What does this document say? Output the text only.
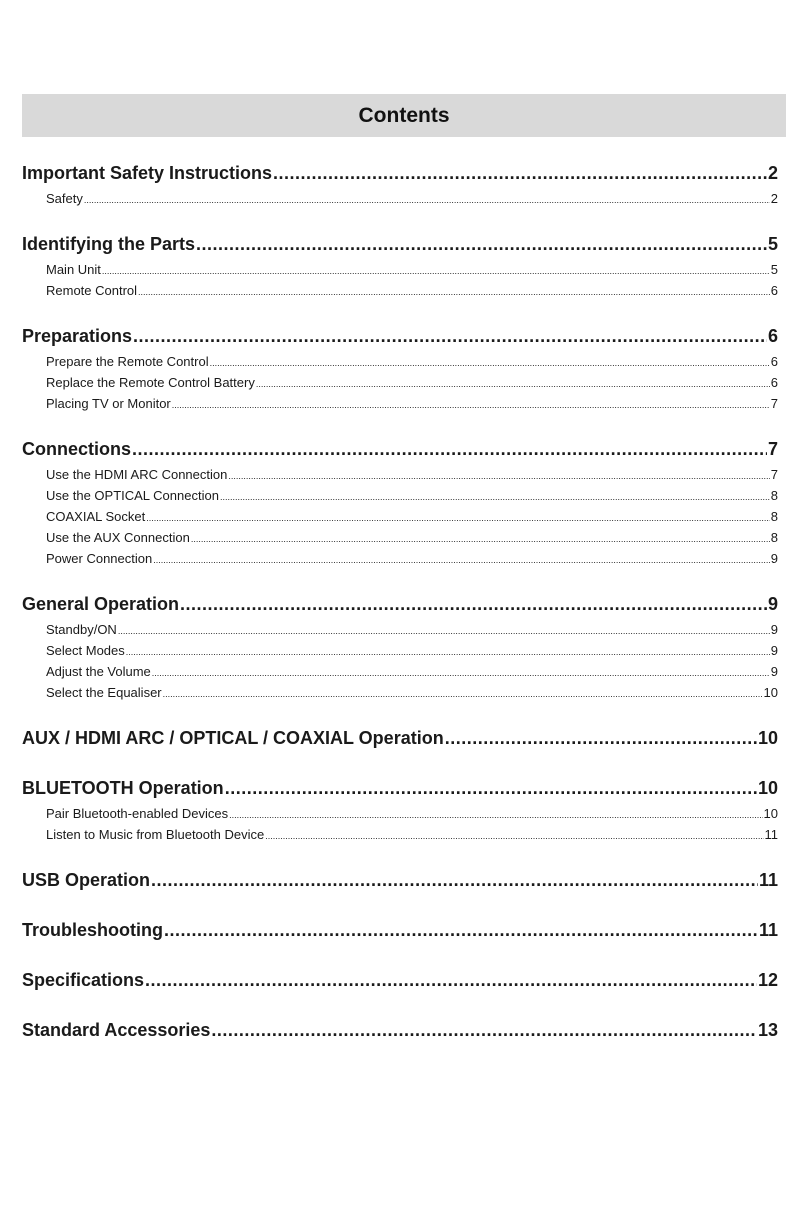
Contents
Important Safety Instructions .....	2
Safety .....	2
Identifying the Parts .....	5
Main Unit .....	5
Remote Control .....	6
Preparations .....	6
Prepare the Remote Control .....	6
Replace the Remote Control Battery .....	6
Placing TV or Monitor .....	7
Connections .....	7
Use the HDMI ARC Connection .....	7
Use the OPTICAL Connection .....	8
COAXIAL Socket .....	8
Use the AUX Connection .....	8
Power Connection .....	9
General Operation .....	9
Standby/ON .....	9
Select Modes .....	9
Adjust the Volume .....	9
Select the Equaliser .....	10
AUX / HDMI ARC / OPTICAL / COAXIAL Operation .....	10
BLUETOOTH Operation .....	10
Pair Bluetooth-enabled Devices .....	10
Listen to Music from Bluetooth Device .....	11
USB Operation .....	11
Troubleshooting .....	11
Specifications .....	12
Standard Accessories .....	13
